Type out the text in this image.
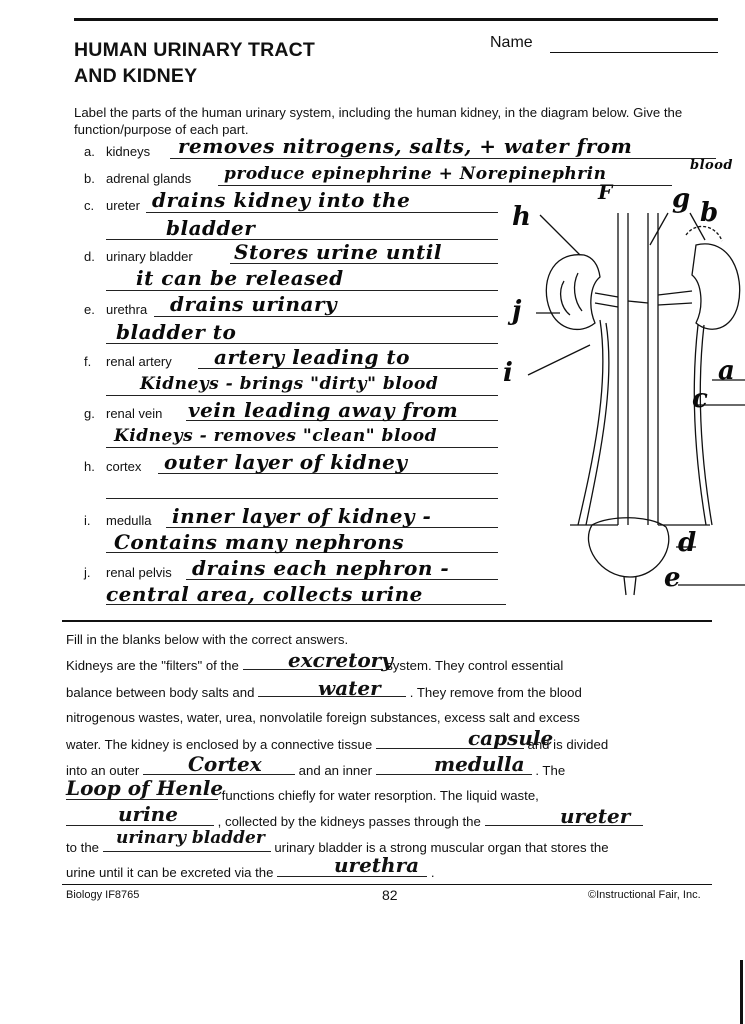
HUMAN URINARY TRACT
AND KIDNEY
Name
Label the parts of the human urinary system, including the human kidney, in the diagram below. Give the function/purpose of each part.
a. kidneys removes nitrogens, salts, + water from
blood
b. adrenal glands produce epinephrine + Norepinephrin
c. ureter drains kidney into the
bladder
d. urinary bladder Stores urine until
it can be released
e. urethra drains urinary
bladder to
f. renal artery artery leading to
Kidneys - brings "dirty" blood
g. renal vein vein leading away from
Kidneys - removes "clean" blood
h. cortex outer layer of kidney
i. medulla inner layer of kidney -
Contains many nephrons
j. renal pelvis drains each nephron -
central area, collects urine
h
j
i
F g b
a
c
d
e
Fill in the blanks below with the correct answers.
Kidneys are the "filters" of the	system. They control essential
excretory
balance between body salts and	. They remove from the blood
water
nitrogenous wastes, water, urea, nonvolatile foreign substances, excess salt and excess
water. The kidney is enclosed by a connective tissue	and is divided
capsule
into an outer	and an inner	. The
Cortex	medulla
functions chiefly for water resorption. The liquid waste,
Loop of Henle
, collected by the kidneys passes through the
urine	ureter
to the	urinary bladder is a strong muscular organ that stores the
urinary bladder
urine until it can be excreted via the	.
urethra
Biology IF8765	82	©Instructional Fair, Inc.
